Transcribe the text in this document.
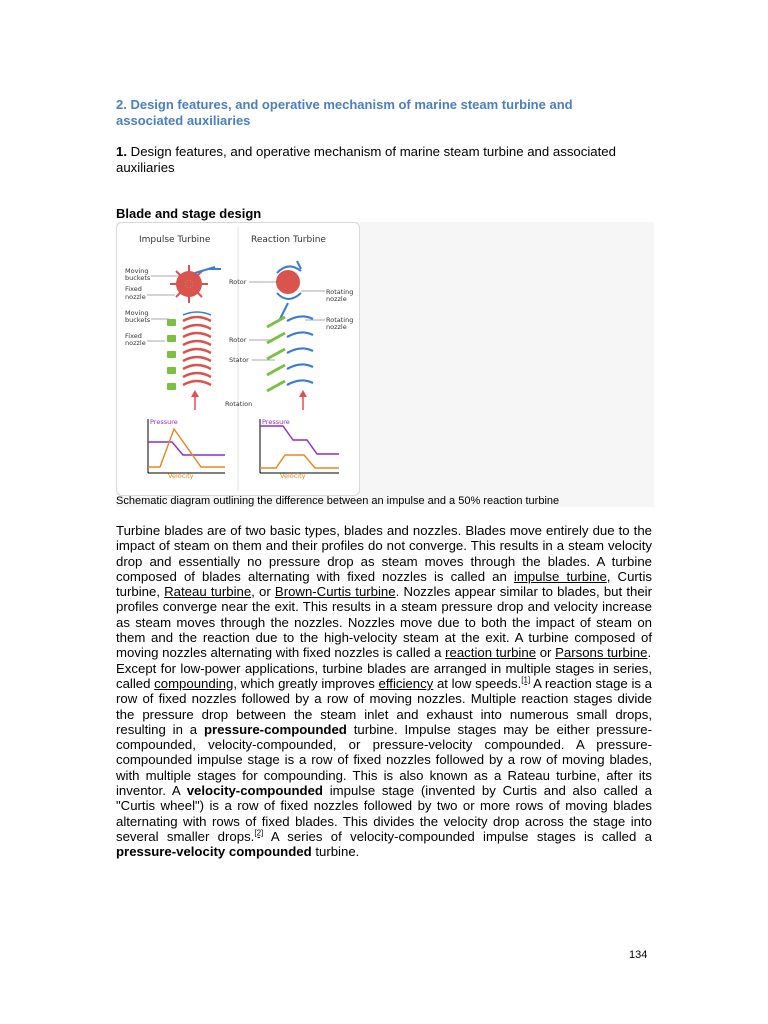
2. Design features, and operative mechanism of marine steam turbine and associated auxiliaries
1. Design features, and operative mechanism of marine steam turbine and associated auxiliaries
Blade and stage design
Impulse Turbine	Reaction Turbine
Moving
buckets
Fixed
nozzle
Moving
buckets
Fixed
nozzle
Rotor
Rotor
Stator
Rotation
Rotating
nozzle
Rotating
nozzle
Pressure
Velocity
Pressure
Velocity
Schematic diagram outlining the difference between an impulse and a 50% reaction turbine

Turbine blades are of two basic types, blades and nozzles. Blades move entirely due to the impact of steam on them and their profiles do not converge. This results in a steam velocity drop and essentially no pressure drop as steam moves through the blades. A turbine composed of blades alternating with fixed nozzles is called an impulse turbine, Curtis turbine, Rateau turbine, or Brown-Curtis turbine. Nozzles appear similar to blades, but their profiles converge near the exit. This results in a steam pressure drop and velocity increase as steam moves through the nozzles. Nozzles move due to both the impact of steam on them and the reaction due to the high-velocity steam at the exit. A turbine composed of moving nozzles alternating with fixed nozzles is called a reaction turbine or Parsons turbine.

Except for low-power applications, turbine blades are arranged in multiple stages in series, called compounding, which greatly improves efficiency at low speeds.[1] A reaction stage is a row of fixed nozzles followed by a row of moving nozzles. Multiple reaction stages divide the pressure drop between the steam inlet and exhaust into numerous small drops, resulting in a pressure-compounded turbine. Impulse stages may be either pressure-compounded, velocity-compounded, or pressure-velocity compounded. A pressure-compounded impulse stage is a row of fixed nozzles followed by a row of moving blades, with multiple stages for compounding. This is also known as a Rateau turbine, after its inventor. A velocity-compounded impulse stage (invented by Curtis and also called a "Curtis wheel") is a row of fixed nozzles followed by two or more rows of moving blades alternating with rows of fixed blades. This divides the velocity drop across the stage into several smaller drops.[2] A series of velocity-compounded impulse stages is called a pressure-velocity compounded turbine.

134
